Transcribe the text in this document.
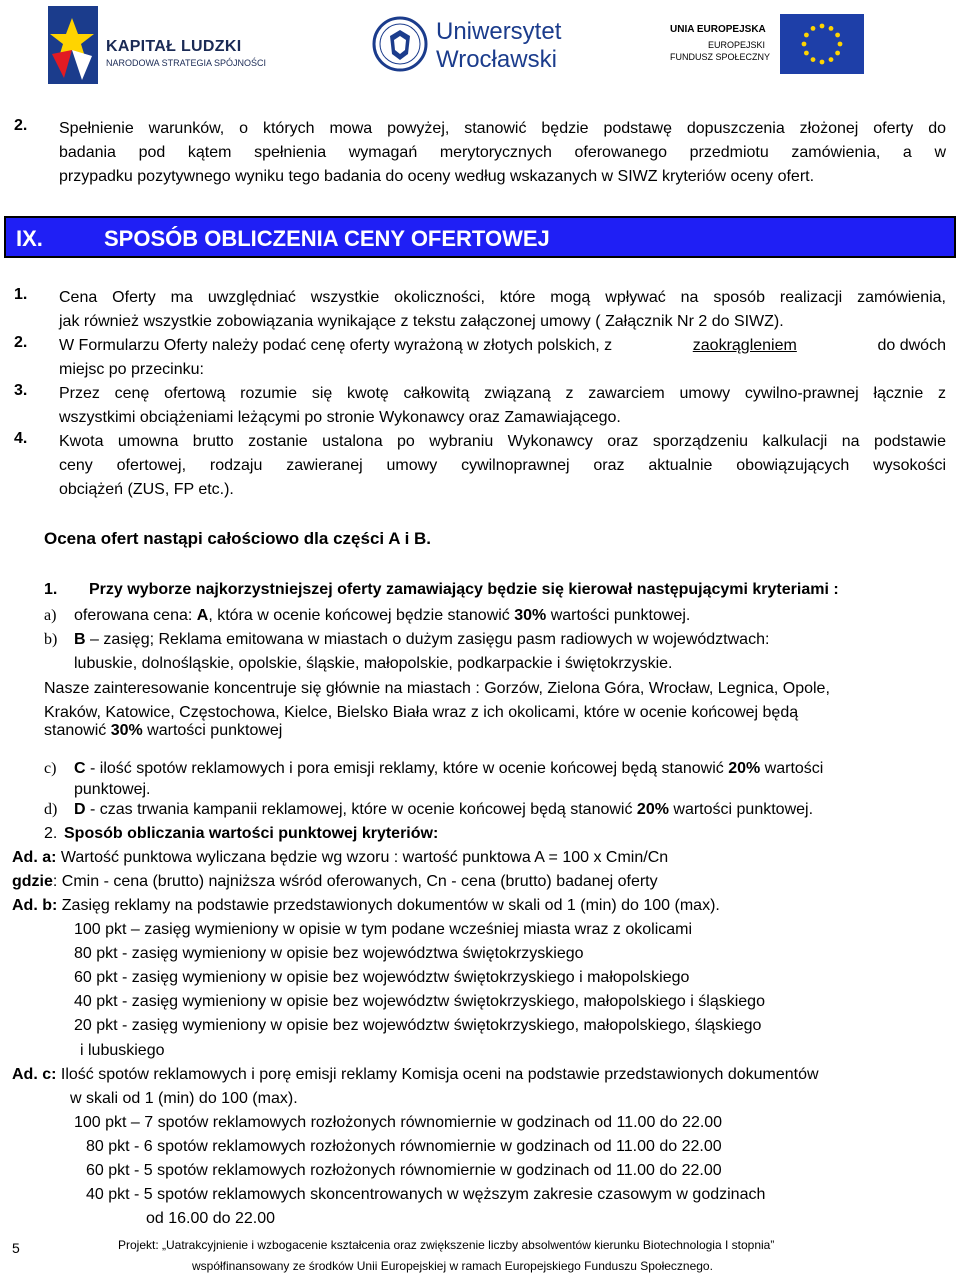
KAPITAŁ LUDZKI
NARODOWA STRATEGIA SPÓJNOŚCI
Uniwersytet
Wrocławski
UNIA EUROPEJSKA
EUROPEJSKI
FUNDUSZ SPOŁECZNY
2. Spełnienie warunków, o których mowa powyżej, stanowić będzie podstawę dopuszczenia złożonej oferty do
badania pod kątem spełnienia wymagań merytorycznych oferowanego przedmiotu zamówienia, a w
przypadku pozytywnego wyniku tego badania do oceny według wskazanych w SIWZ kryteriów oceny ofert.
IX.	SPOSÓB OBLICZENIA CENY OFERTOWEJ
1. Cena Oferty ma uwzględniać wszystkie okoliczności, które mogą wpływać na sposób realizacji zamówienia,
jak również wszystkie zobowiązania wynikające z tekstu załączonej umowy ( Załącznik Nr 2 do SIWZ).
2. W Formularzu Oferty należy podać cenę oferty wyrażoną w złotych polskich, z	zaokrągleniem	do dwóch
miejsc po przecinku:
3. Przez cenę ofertową rozumie się kwotę całkowitą związaną z zawarciem umowy cywilno-prawnej łącznie z
wszystkimi obciążeniami leżącymi po stronie Wykonawcy oraz Zamawiającego.
4. Kwota umowna brutto zostanie ustalona po wybraniu Wykonawcy oraz sporządzeniu kalkulacji na podstawie
ceny ofertowej, rodzaju zawieranej umowy cywilnoprawnej oraz aktualnie obowiązujących wysokości
obciążeń (ZUS, FP etc.).
Ocena ofert nastąpi całościowo dla części A i B.
1. Przy wyborze najkorzystniejszej oferty zamawiający będzie się kierował następującymi kryteriami :
a) oferowana cena: A, która w ocenie końcowej będzie stanowić 30% wartości punktowej.
b) B – zasięg; Reklama emitowana w miastach o dużym zasięgu pasm radiowych w województwach:
lubuskie, dolnośląskie, opolskie, śląskie, małopolskie, podkarpackie i świętokrzyskie.
Nasze zainteresowanie koncentruje się głównie na miastach : Gorzów, Zielona Góra, Wrocław, Legnica, Opole,
Kraków, Katowice, Częstochowa, Kielce, Bielsko Biała wraz z ich okolicami, które w ocenie końcowej będą
stanowić 30% wartości punktowej
c) C - ilość spotów reklamowych i pora emisji reklamy, które w ocenie końcowej będą stanowić 20% wartości
punktowej.
d) D - czas trwania kampanii reklamowej, które w ocenie końcowej będą stanowić 20% wartości punktowej.
2. Sposób obliczania wartości punktowej kryteriów:
Ad. a: Wartość punktowa wyliczana będzie wg wzoru : wartość punktowa A = 100 x Cmin/Cn
gdzie: Cmin - cena (brutto) najniższa wśród oferowanych, Cn - cena (brutto) badanej oferty
Ad. b: Zasięg reklamy na podstawie przedstawionych dokumentów w skali od 1 (min) do 100 (max).
100 pkt – zasięg wymieniony w opisie w tym podane wcześniej miasta wraz z okolicami
80 pkt - zasięg wymieniony w opisie bez województwa świętokrzyskiego
60 pkt - zasięg wymieniony w opisie bez województw świętokrzyskiego i małopolskiego
40 pkt - zasięg wymieniony w opisie bez województw świętokrzyskiego, małopolskiego i śląskiego
20 pkt - zasięg wymieniony w opisie bez województw świętokrzyskiego, małopolskiego, śląskiego
i lubuskiego
Ad. c: Ilość spotów reklamowych i porę emisji reklamy Komisja oceni na podstawie przedstawionych dokumentów
w skali od 1 (min) do 100 (max).
100 pkt – 7 spotów reklamowych rozłożonych równomiernie w godzinach od 11.00 do 22.00
80 pkt - 6 spotów reklamowych rozłożonych równomiernie w godzinach od 11.00 do 22.00
60 pkt - 5 spotów reklamowych rozłożonych równomiernie w godzinach od 11.00 do 22.00
40 pkt - 5 spotów reklamowych skoncentrowanych w węższym zakresie czasowym w godzinach
od 16.00 do 22.00
5	Projekt: „Uatrakcyjnienie i wzbogacenie kształcenia oraz zwiększenie liczby absolwentów kierunku Biotechnologia I stopnia”
współfinansowany ze środków Unii Europejskiej w ramach Europejskiego Funduszu Społecznego.
